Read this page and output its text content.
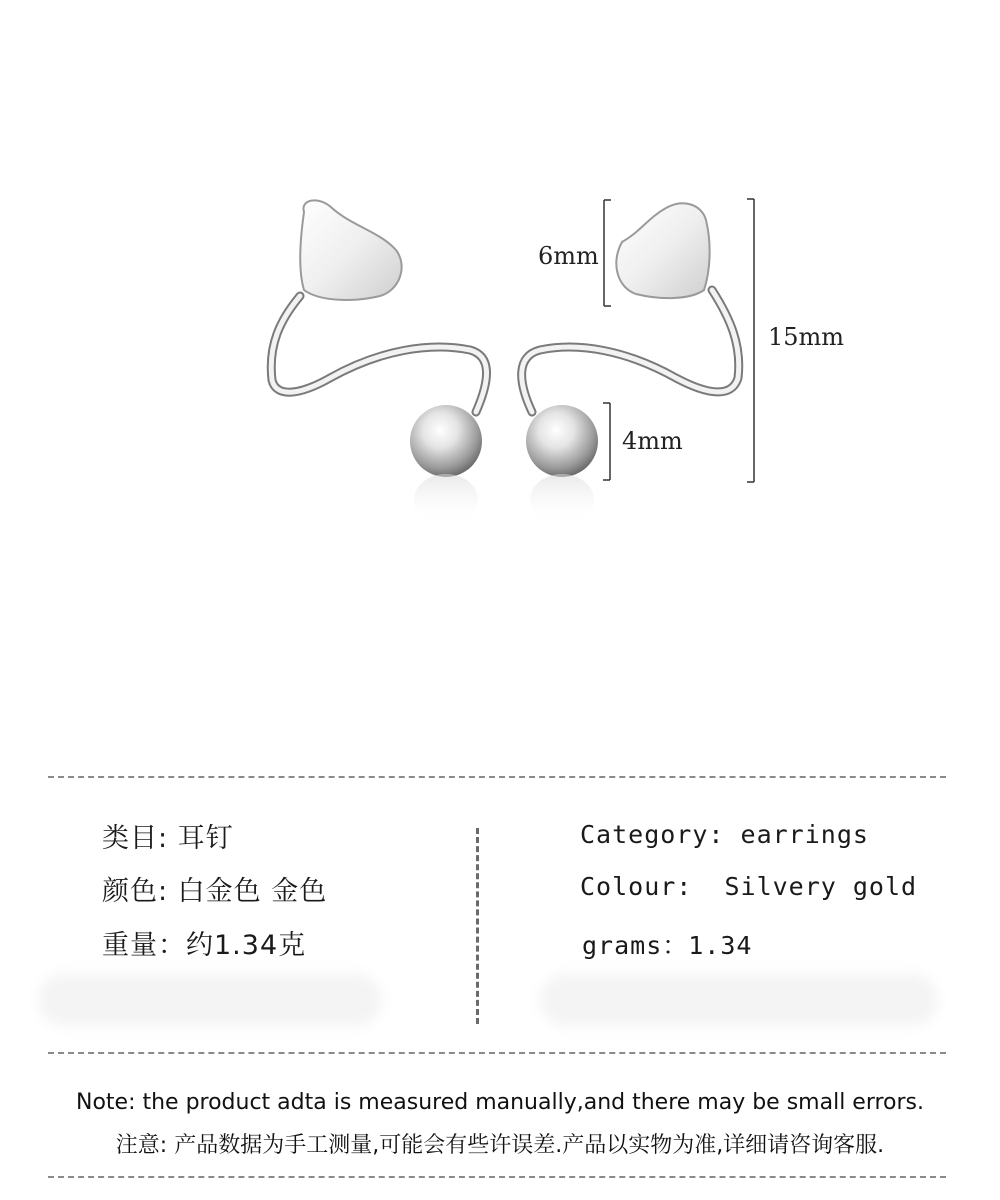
6mm
15mm
4mm
类目: 耳钉
颜色: 白金色 金色
重量：约1.34克
Category: earrings
Colour:  Silvery gold
grams：1.34
Note: the product adta is measured manually,and there may be small errors.
注意: 产品数据为手工测量,可能会有些许误差.产品以实物为准,详细请咨询客服.
